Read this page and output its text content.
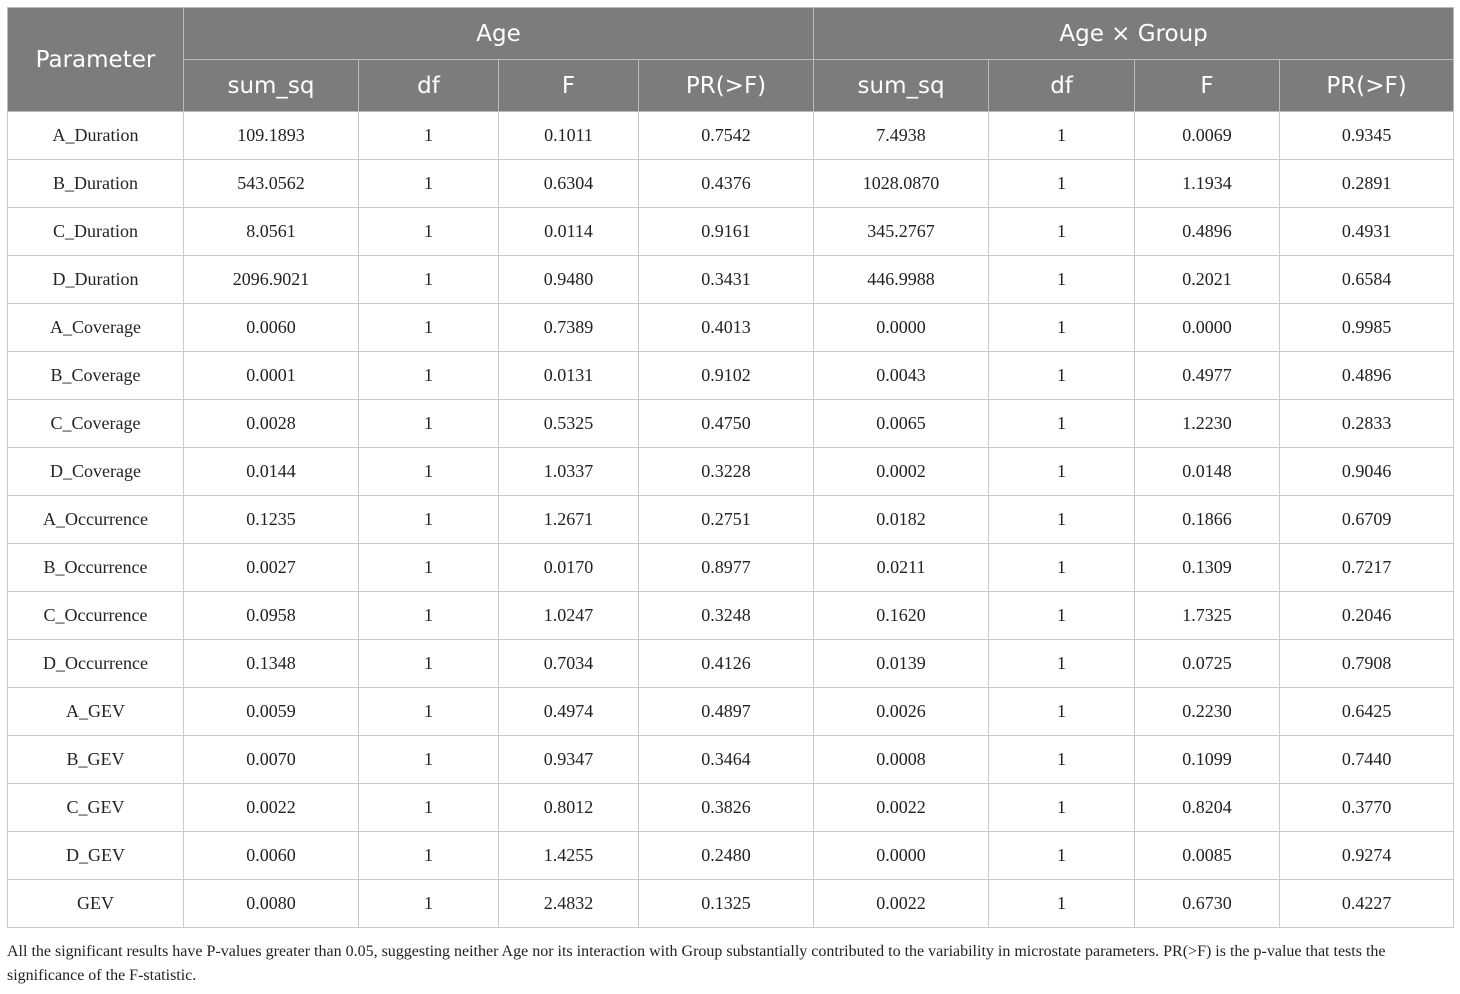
Parameter	Age				Age × Group			
	sum_sq	df	F	PR(>F)	sum_sq	df	F	PR(>F)
A_Duration	109.1893	1	0.1011	0.7542	7.4938	1	0.0069	0.9345
B_Duration	543.0562	1	0.6304	0.4376	1028.0870	1	1.1934	0.2891
C_Duration	8.0561	1	0.0114	0.9161	345.2767	1	0.4896	0.4931
D_Duration	2096.9021	1	0.9480	0.3431	446.9988	1	0.2021	0.6584
A_Coverage	0.0060	1	0.7389	0.4013	0.0000	1	0.0000	0.9985
B_Coverage	0.0001	1	0.0131	0.9102	0.0043	1	0.4977	0.4896
C_Coverage	0.0028	1	0.5325	0.4750	0.0065	1	1.2230	0.2833
D_Coverage	0.0144	1	1.0337	0.3228	0.0002	1	0.0148	0.9046
A_Occurrence	0.1235	1	1.2671	0.2751	0.0182	1	0.1866	0.6709
B_Occurrence	0.0027	1	0.0170	0.8977	0.0211	1	0.1309	0.7217
C_Occurrence	0.0958	1	1.0247	0.3248	0.1620	1	1.7325	0.2046
D_Occurrence	0.1348	1	0.7034	0.4126	0.0139	1	0.0725	0.7908
A_GEV	0.0059	1	0.4974	0.4897	0.0026	1	0.2230	0.6425
B_GEV	0.0070	1	0.9347	0.3464	0.0008	1	0.1099	0.7440
C_GEV	0.0022	1	0.8012	0.3826	0.0022	1	0.8204	0.3770
D_GEV	0.0060	1	1.4255	0.2480	0.0000	1	0.0085	0.9274
GEV	0.0080	1	2.4832	0.1325	0.0022	1	0.6730	0.4227
All the significant results have P-values greater than 0.05, suggesting neither Age nor its interaction with Group substantially contributed to the variability in microstate parameters. PR(>F) is the p-value that tests the significance of the F-statistic.
